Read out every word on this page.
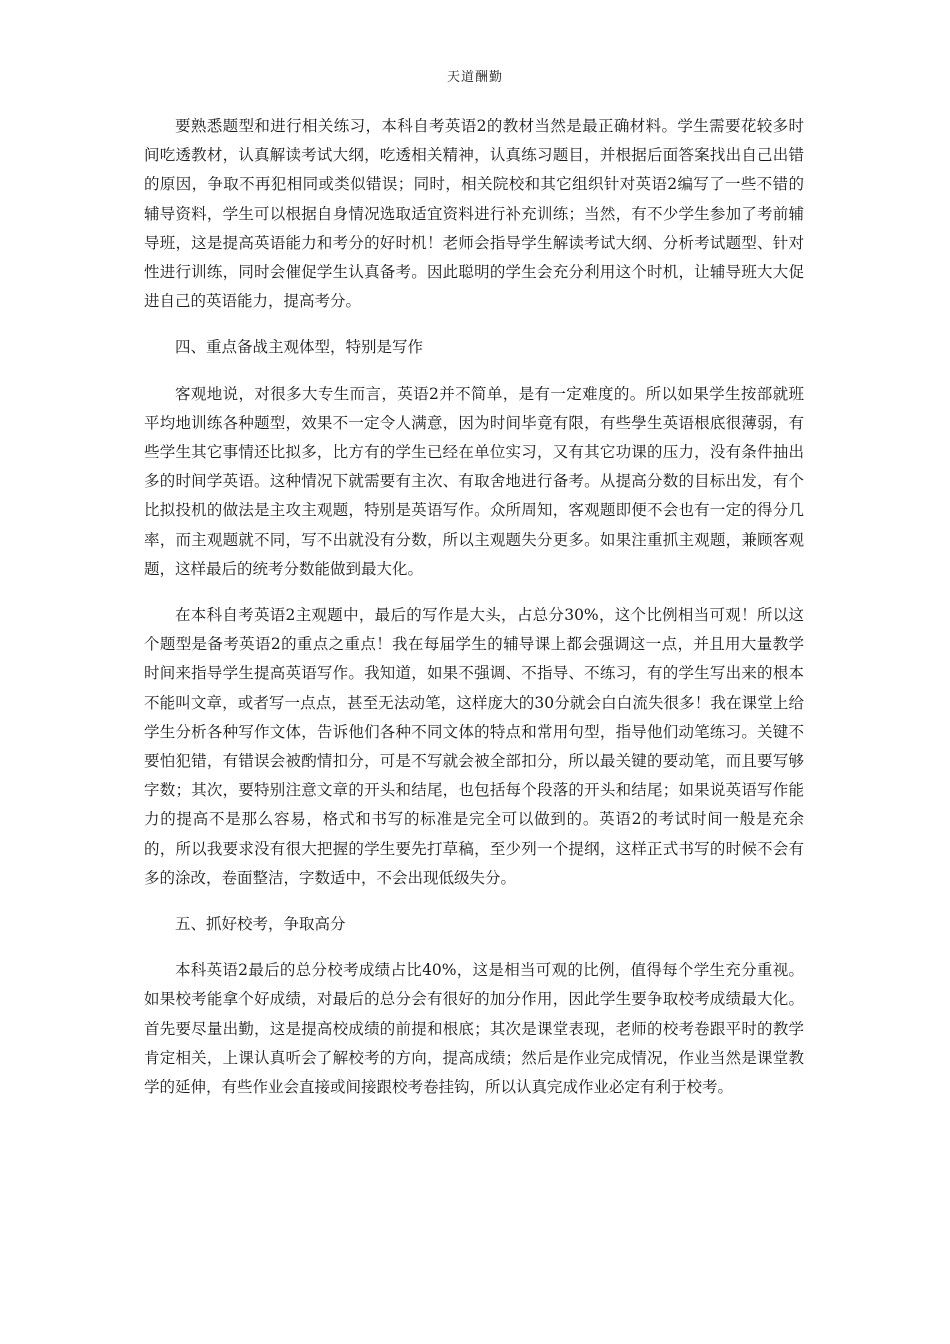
天道酬勤

要熟悉题型和进行相关练习，本科自考英语2的教材当然是最正确材料。学生需要花较多时间吃透教材，认真解读考试大纲，吃透相关精神，认真练习题目，并根据后面答案找出自己出错的原因，争取不再犯相同或类似错误；同时，相关院校和其它组织针对英语2编写了一些不错的辅导资料，学生可以根据自身情况选取适宜资料进行补充训练；当然，有不少学生参加了考前辅导班，这是提高英语能力和考分的好时机！老师会指导学生解读考试大纲、分析考试题型、针对性进行训练，同时会催促学生认真备考。因此聪明的学生会充分利用这个时机，让辅导班大大促进自己的英语能力，提高考分。

四、重点备战主观体型，特别是写作

客观地说，对很多大专生而言，英语2并不简单，是有一定难度的。所以如果学生按部就班平均地训练各种题型，效果不一定令人满意，因为时间毕竟有限，有些學生英语根底很薄弱，有些学生其它事情还比拟多，比方有的学生已经在单位实习，又有其它功课的压力，没有条件抽出多的时间学英语。这种情况下就需要有主次、有取舍地进行备考。从提高分数的目标出发，有个比拟投机的做法是主攻主观题，特别是英语写作。众所周知，客观题即便不会也有一定的得分几率，而主观题就不同，写不出就没有分数，所以主观题失分更多。如果注重抓主观题，兼顾客观题，这样最后的统考分数能做到最大化。

在本科自考英语2主观题中，最后的写作是大头，占总分30%，这个比例相当可观！所以这个题型是备考英语2的重点之重点！我在每届学生的辅导课上都会强调这一点，并且用大量教学时间来指导学生提高英语写作。我知道，如果不强调、不指导、不练习，有的学生写出来的根本不能叫文章，或者写一点点，甚至无法动笔，这样庞大的30分就会白白流失很多！我在课堂上给学生分析各种写作文体，告诉他们各种不同文体的特点和常用句型，指导他们动笔练习。关键不要怕犯错，有错误会被酌情扣分，可是不写就会被全部扣分，所以最关键的要动笔，而且要写够字数；其次，要特别注意文章的开头和结尾，也包括每个段落的开头和结尾；如果说英语写作能力的提高不是那么容易，格式和书写的标准是完全可以做到的。英语2的考试时间一般是充余的，所以我要求没有很大把握的学生要先打草稿，至少列一个提纲，这样正式书写的时候不会有多的涂改，卷面整洁，字数适中，不会出现低级失分。

五、抓好校考，争取高分

本科英语2最后的总分校考成绩占比40%，这是相当可观的比例，值得每个学生充分重视。如果校考能拿个好成绩，对最后的总分会有很好的加分作用，因此学生要争取校考成绩最大化。首先要尽量出勤，这是提高校成绩的前提和根底；其次是课堂表现，老师的校考卷跟平时的教学肯定相关，上课认真听会了解校考的方向，提高成绩；然后是作业完成情况，作业当然是课堂教学的延伸，有些作业会直接或间接跟校考卷挂钩，所以认真完成作业必定有利于校考。
